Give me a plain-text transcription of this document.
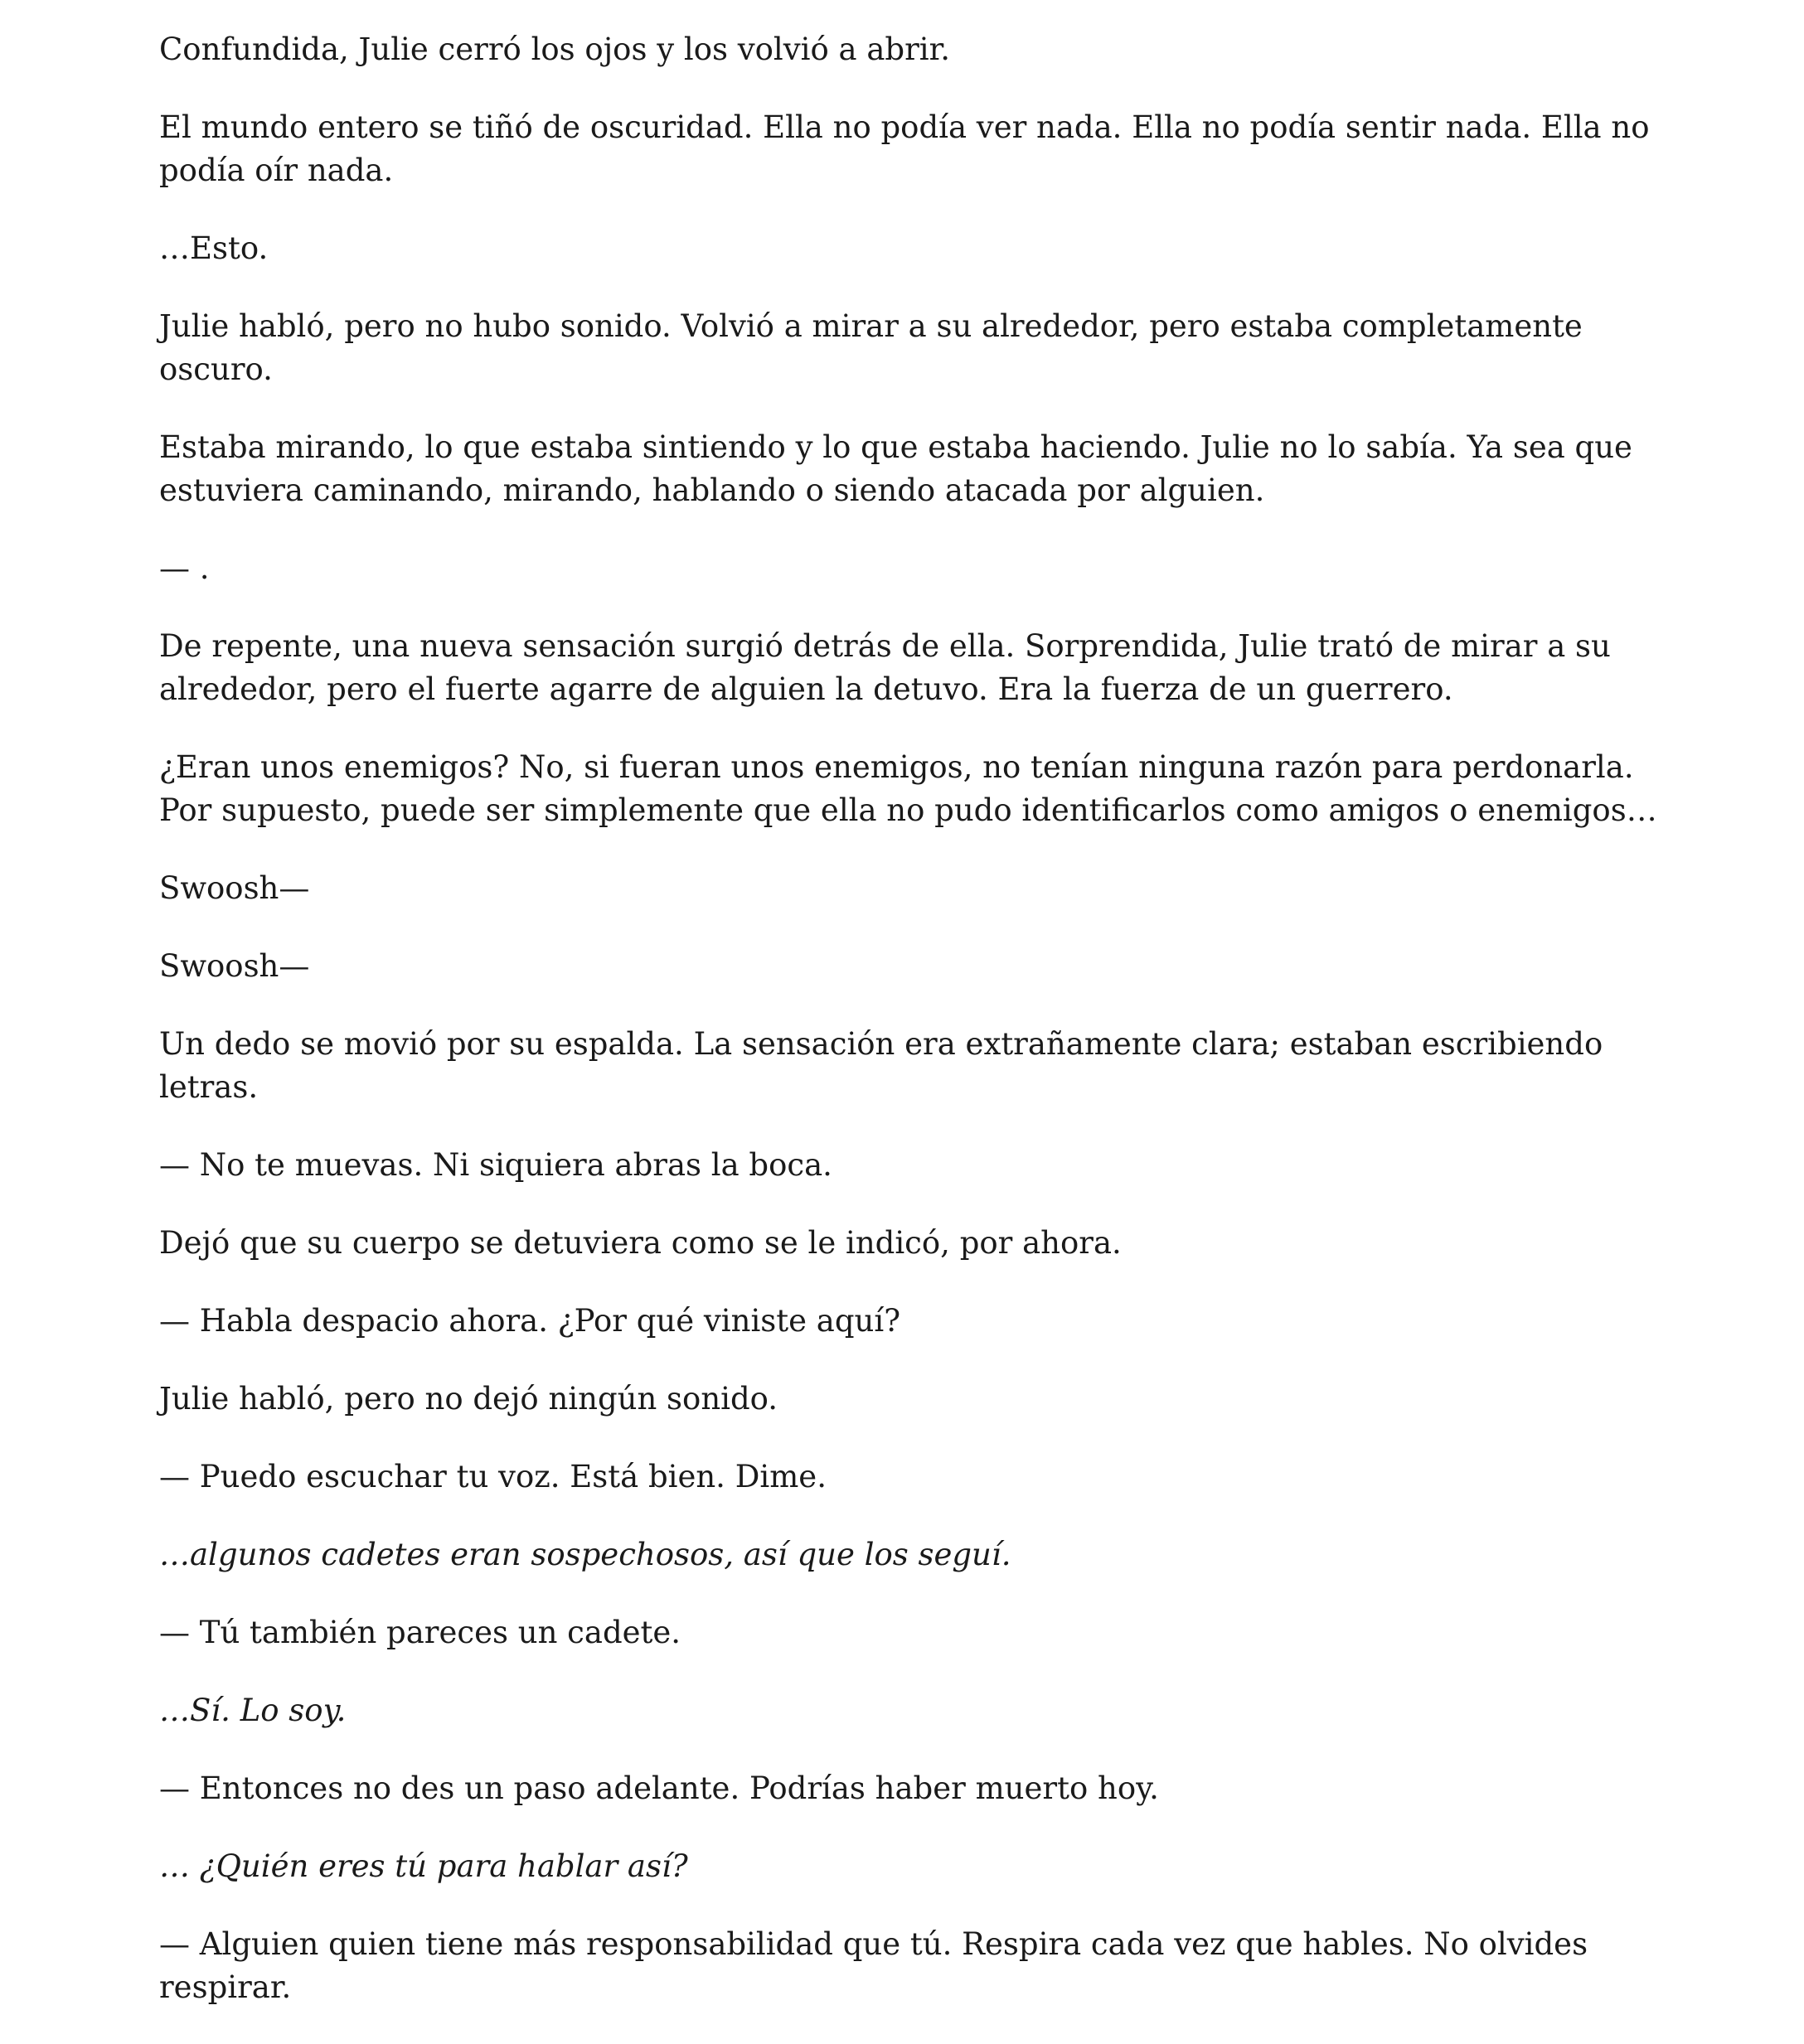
Confundida, Julie cerró los ojos y los volvió a abrir.

El mundo entero se tiñó de oscuridad. Ella no podía ver nada. Ella no podía sentir nada. Ella no podía oír nada.

…Esto.

Julie habló, pero no hubo sonido. Volvió a mirar a su alrededor, pero estaba completamente oscuro.

Estaba mirando, lo que estaba sintiendo y lo que estaba haciendo. Julie no lo sabía. Ya sea que estuviera caminando, mirando, hablando o siendo atacada por alguien.

— .

De repente, una nueva sensación surgió detrás de ella. Sorprendida, Julie trató de mirar a su alrededor, pero el fuerte agarre de alguien la detuvo. Era la fuerza de un guerrero.

¿Eran unos enemigos? No, si fueran unos enemigos, no tenían ninguna razón para perdonarla. Por supuesto, puede ser simplemente que ella no pudo identificarlos como amigos o enemigos…

Swoosh—

Swoosh—

Un dedo se movió por su espalda. La sensación era extrañamente clara; estaban escribiendo letras.

— No te muevas. Ni siquiera abras la boca.

Dejó que su cuerpo se detuviera como se le indicó, por ahora.

— Habla despacio ahora. ¿Por qué viniste aquí?

Julie habló, pero no dejó ningún sonido.

— Puedo escuchar tu voz. Está bien. Dime.

…algunos cadetes eran sospechosos, así que los seguí.

— Tú también pareces un cadete.

…Sí. Lo soy.

— Entonces no des un paso adelante. Podrías haber muerto hoy.

… ¿Quién eres tú para hablar así?

— Alguien quien tiene más responsabilidad que tú. Respira cada vez que hables. No olvides respirar.
